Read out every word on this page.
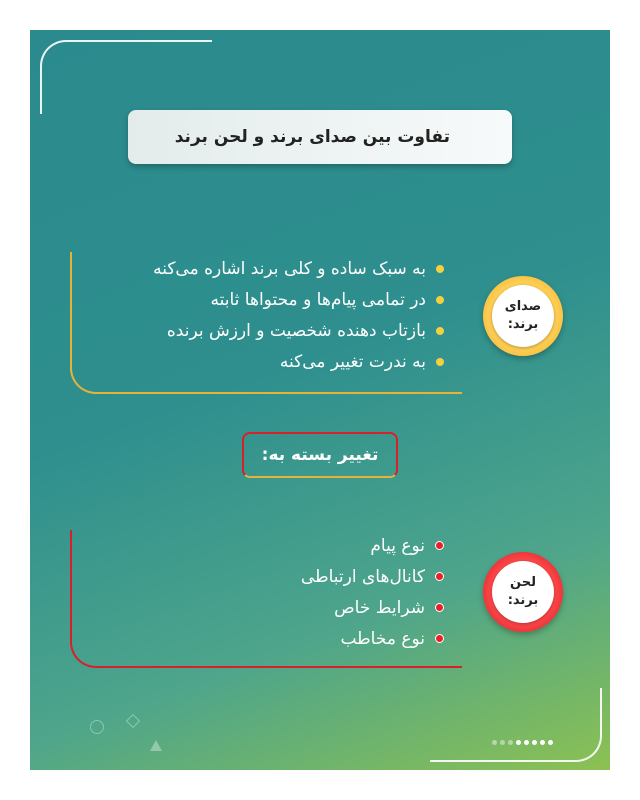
تفاوت بین صدای برند و لحن برند
به سبک ساده و کلی برند اشاره می‌کنه
در تمامی پیام‌ها و محتواها ثابته
بازتاب دهنده شخصیت و ارزش برنده
به ندرت تغییر می‌کنه
صدای
برند:
تغییر بسته به:
نوع پیام
کانال‌های ارتباطی
شرایط خاص
نوع مخاطب
لحن
برند:
